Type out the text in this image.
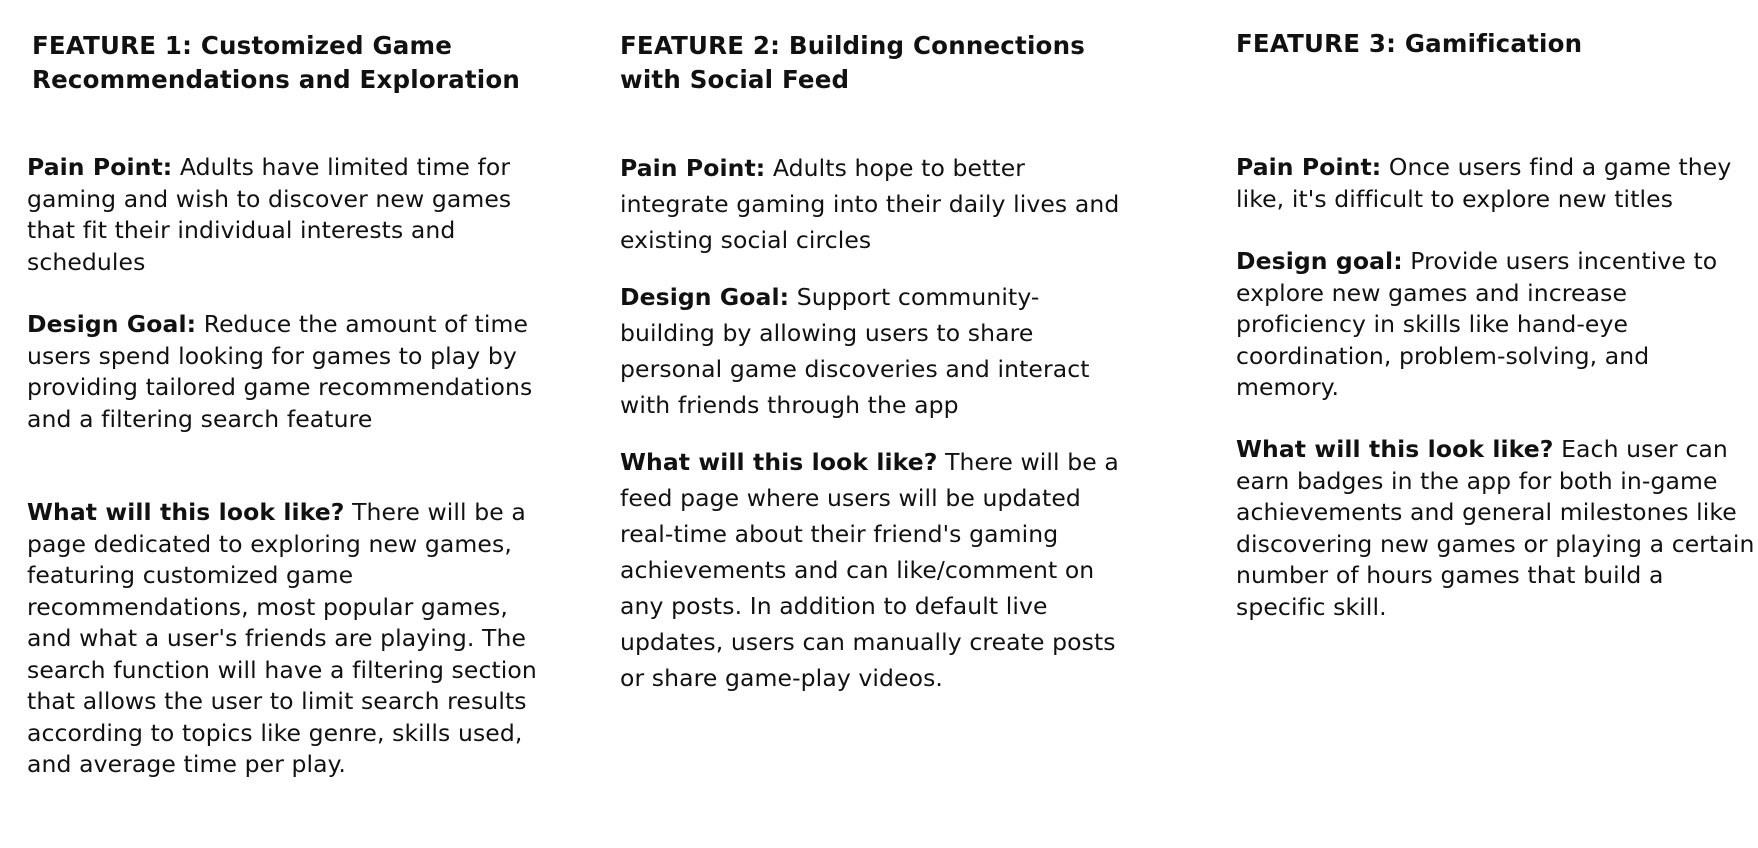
FEATURE 1: Customized Game Recommendations and Exploration

Pain Point: Adults have limited time for gaming and wish to discover new games that fit their individual interests and schedules

Design Goal: Reduce the amount of time users spend looking for games to play by providing tailored game recommendations and a filtering search feature

What will this look like? There will be a page dedicated to exploring new games, featuring customized game recommendations, most popular games, and what a user's friends are playing. The search function will have a filtering section that allows the user to limit search results according to topics like genre, skills used, and average time per play.

FEATURE 2: Building Connections with Social Feed

Pain Point: Adults hope to better integrate gaming into their daily lives and existing social circles

Design Goal: Support community-building by allowing users to share personal game discoveries and interact with friends through the app

What will this look like? There will be a feed page where users will be updated real-time about their friend's gaming achievements and can like/comment on any posts. In addition to default live updates, users can manually create posts or share game-play videos.

FEATURE 3: Gamification

Pain Point: Once users find a game they like, it's difficult to explore new titles

Design goal: Provide users incentive to explore new games and increase proficiency in skills like hand-eye coordination, problem-solving, and memory.

What will this look like? Each user can earn badges in the app for both in-game achievements and general milestones like discovering new games or playing a certain number of hours games that build a specific skill.
